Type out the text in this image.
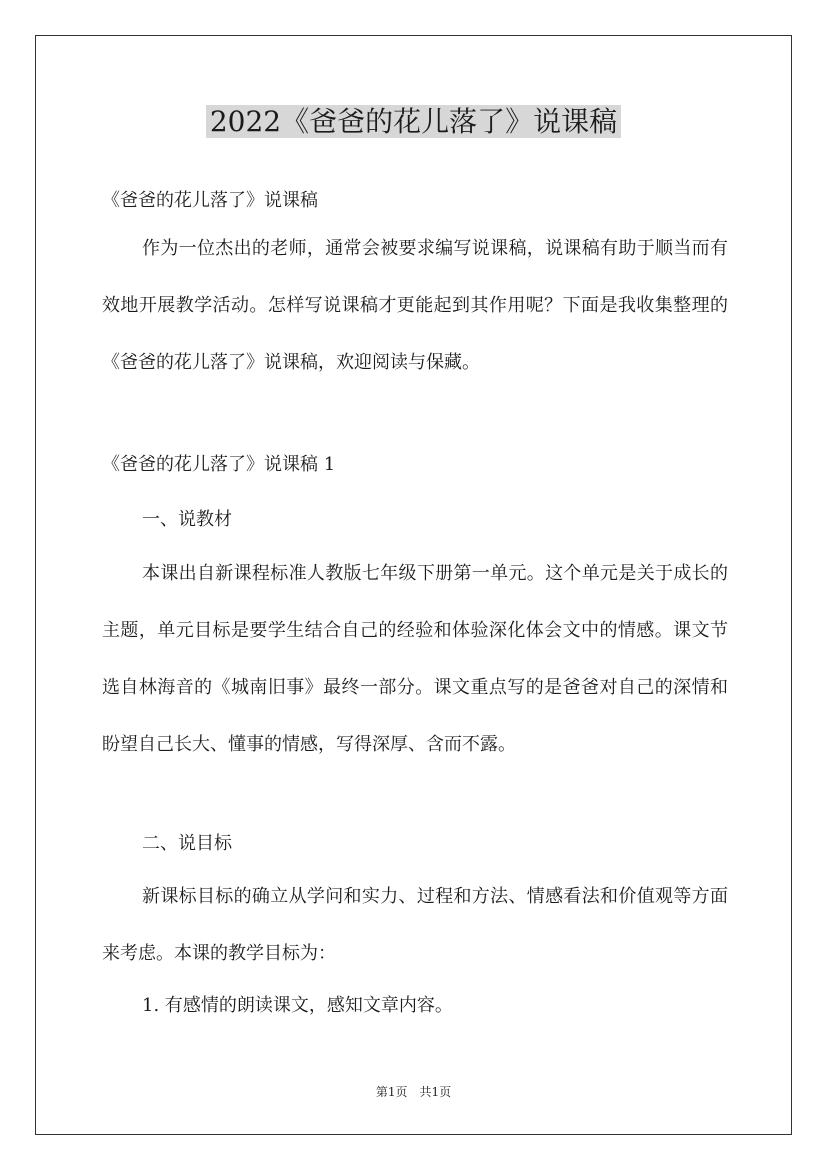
2022《爸爸的花儿落了》说课稿

《爸爸的花儿落了》说课稿

作为一位杰出的老师，通常会被要求编写说课稿，说课稿有助于顺当而有效地开展教学活动。怎样写说课稿才更能起到其作用呢？下面是我收集整理的《爸爸的花儿落了》说课稿，欢迎阅读与保藏。

《爸爸的花儿落了》说课稿 1

一、说教材

本课出自新课程标准人教版七年级下册第一单元。这个单元是关于成长的主题，单元目标是要学生结合自己的经验和体验深化体会文中的情感。课文节选自林海音的《城南旧事》最终一部分。课文重点写的是爸爸对自己的深情和盼望自己长大、懂事的情感，写得深厚、含而不露。

二、说目标

新课标目标的确立从学问和实力、过程和方法、情感看法和价值观等方面来考虑。本课的教学目标为：

1. 有感情的朗读课文，感知文章内容。

第1页　共1页
